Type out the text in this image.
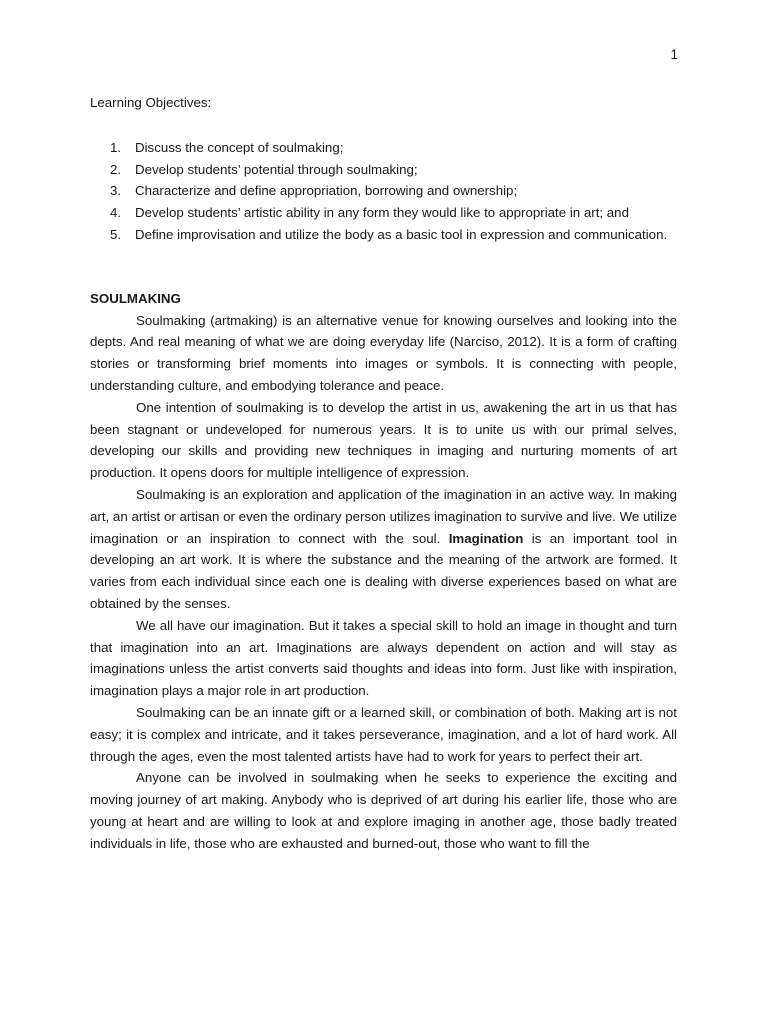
1
Learning Objectives:
1.	Discuss the concept of soulmaking;
2.	Develop students’ potential through soulmaking;
3.	Characterize and define appropriation, borrowing and ownership;
4.	Develop students’ artistic ability in any form they would like to appropriate in art; and
5.	Define improvisation and utilize the body as a basic tool in expression and communication.
SOULMAKING

Soulmaking (artmaking) is an alternative venue for knowing ourselves and looking into the depts. And real meaning of what we are doing everyday life (Narciso, 2012). It is a form of crafting stories or transforming brief moments into images or symbols. It is connecting with people, understanding culture, and embodying tolerance and peace.

One intention of soulmaking is to develop the artist in us, awakening the art in us that has been stagnant or undeveloped for numerous years. It is to unite us with our primal selves, developing our skills and providing new techniques in imaging and nurturing moments of art production. It opens doors for multiple intelligence of expression.

Soulmaking is an exploration and application of the imagination in an active way. In making art, an artist or artisan or even the ordinary person utilizes imagination to survive and live. We utilize imagination or an inspiration to connect with the soul. Imagination is an important tool in developing an art work. It is where the substance and the meaning of the artwork are formed. It varies from each individual since each one is dealing with diverse experiences based on what are obtained by the senses.

We all have our imagination. But it takes a special skill to hold an image in thought and turn that imagination into an art. Imaginations are always dependent on action and will stay as imaginations unless the artist converts said thoughts and ideas into form. Just like with inspiration, imagination plays a major role in art production.

Soulmaking can be an innate gift or a learned skill, or combination of both. Making art is not easy; it is complex and intricate, and it takes perseverance, imagination, and a lot of hard work. All through the ages, even the most talented artists have had to work for years to perfect their art.

Anyone can be involved in soulmaking when he seeks to experience the exciting and moving journey of art making. Anybody who is deprived of art during his earlier life, those who are young at heart and are willing to look at and explore imaging in another age, those badly treated individuals in life, those who are exhausted and burned-out, those who want to fill the
